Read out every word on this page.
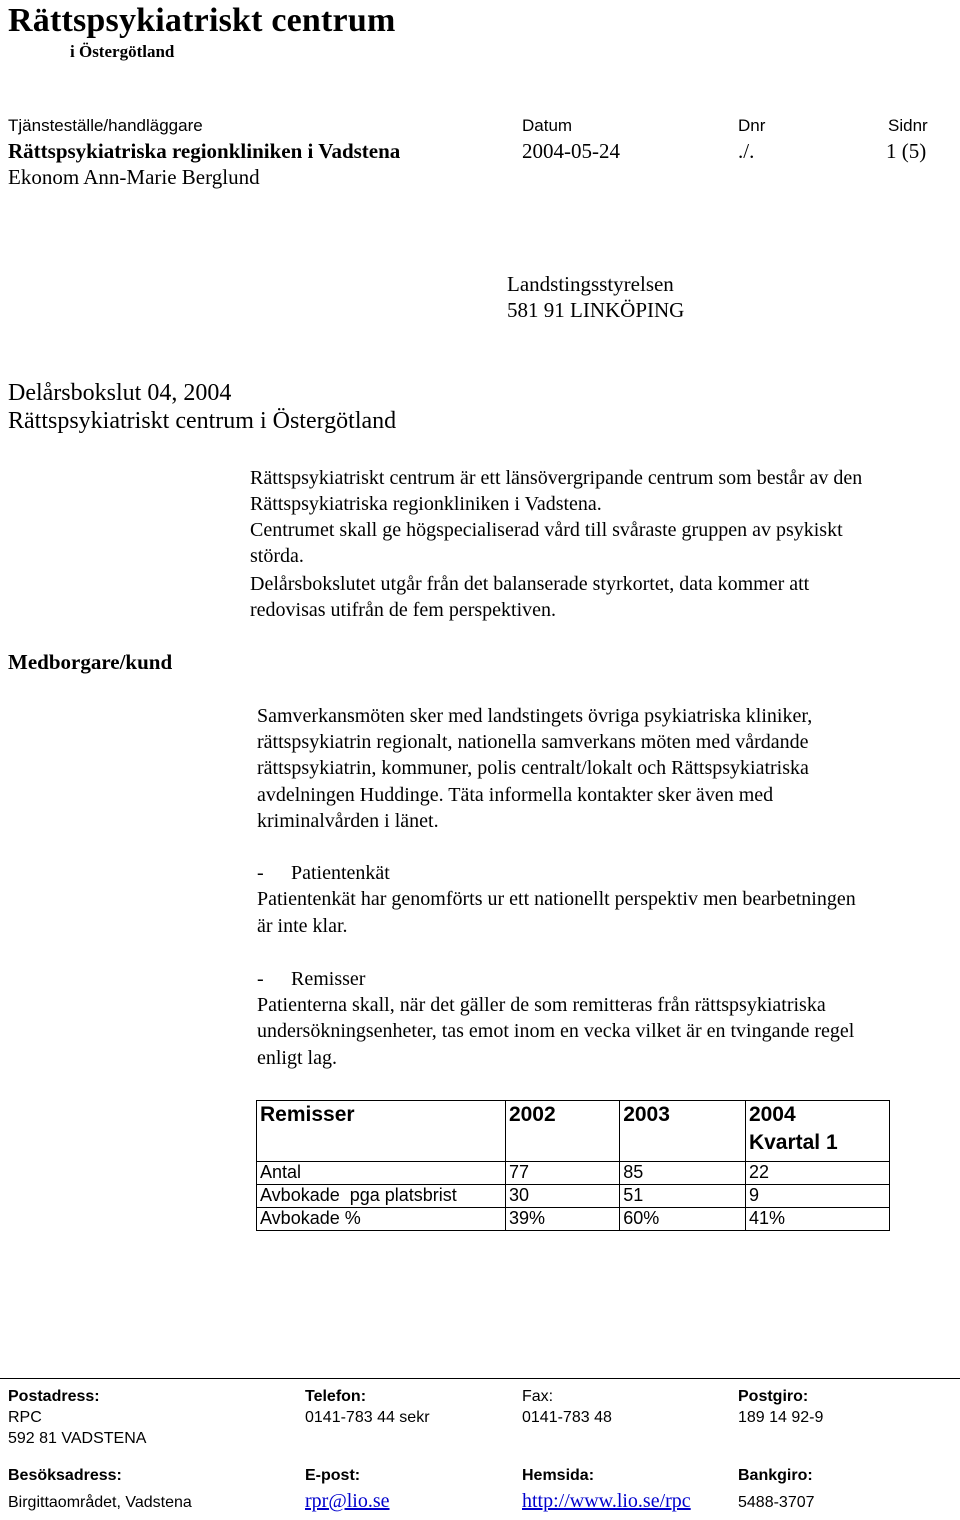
Rättspsykiatriskt centrum
i Östergötland
Tjänsteställe/handläggare	Datum	Dnr	Sidnr
Rättspsykiatriska regionkliniken i Vadstena	2004-05-24	./.	1 (5)
Ekonom Ann-Marie Berglund
Landstingsstyrelsen
581 91 LINKÖPING
Delårsbokslut 04, 2004
Rättspsykiatriskt centrum i Östergötland
Rättspsykiatriskt centrum är ett länsövergripande centrum som består av den
Rättspsykiatriska regionkliniken i Vadstena.
Centrumet skall ge högspecialiserad vård till svåraste gruppen av psykiskt
störda.
Delårsbokslutet utgår från det balanserade styrkortet, data kommer att
redovisas utifrån de fem perspektiven.
Medborgare/kund
Samverkansmöten sker med landstingets övriga psykiatriska kliniker,
rättspsykiatrin regionalt, nationella samverkans möten med vårdande
rättspsykiatrin, kommuner, polis centralt/lokalt och Rättspsykiatriska
avdelningen Huddinge. Täta informella kontakter sker även med
kriminalvården i länet.
- Patientenkät
Patientenkät har genomförts ur ett nationellt perspektiv men bearbetningen
är inte klar.
- Remisser
Patienterna skall, när det gäller de som remitteras från rättspsykiatriska
undersökningsenheter, tas emot inom en vecka vilket är en tvingande regel
enligt lag.
Remisser	2002	2003	2004
Kvartal 1

Antal	77	85	22
Avbokade  pga platsbrist	30	51	9
Avbokade %	39%	60%	41%
Postadress:	Telefon:	Fax:	Postgiro:
RPC	0141-783 44 sekr	0141-783 48	189 14 92-9
592 81 VADSTENA
Besöksadress:	E-post:	Hemsida:	Bankgiro:
Birgittaområdet, Vadstena	rpr@lio.se	http://www.lio.se/rpc	5488-3707
